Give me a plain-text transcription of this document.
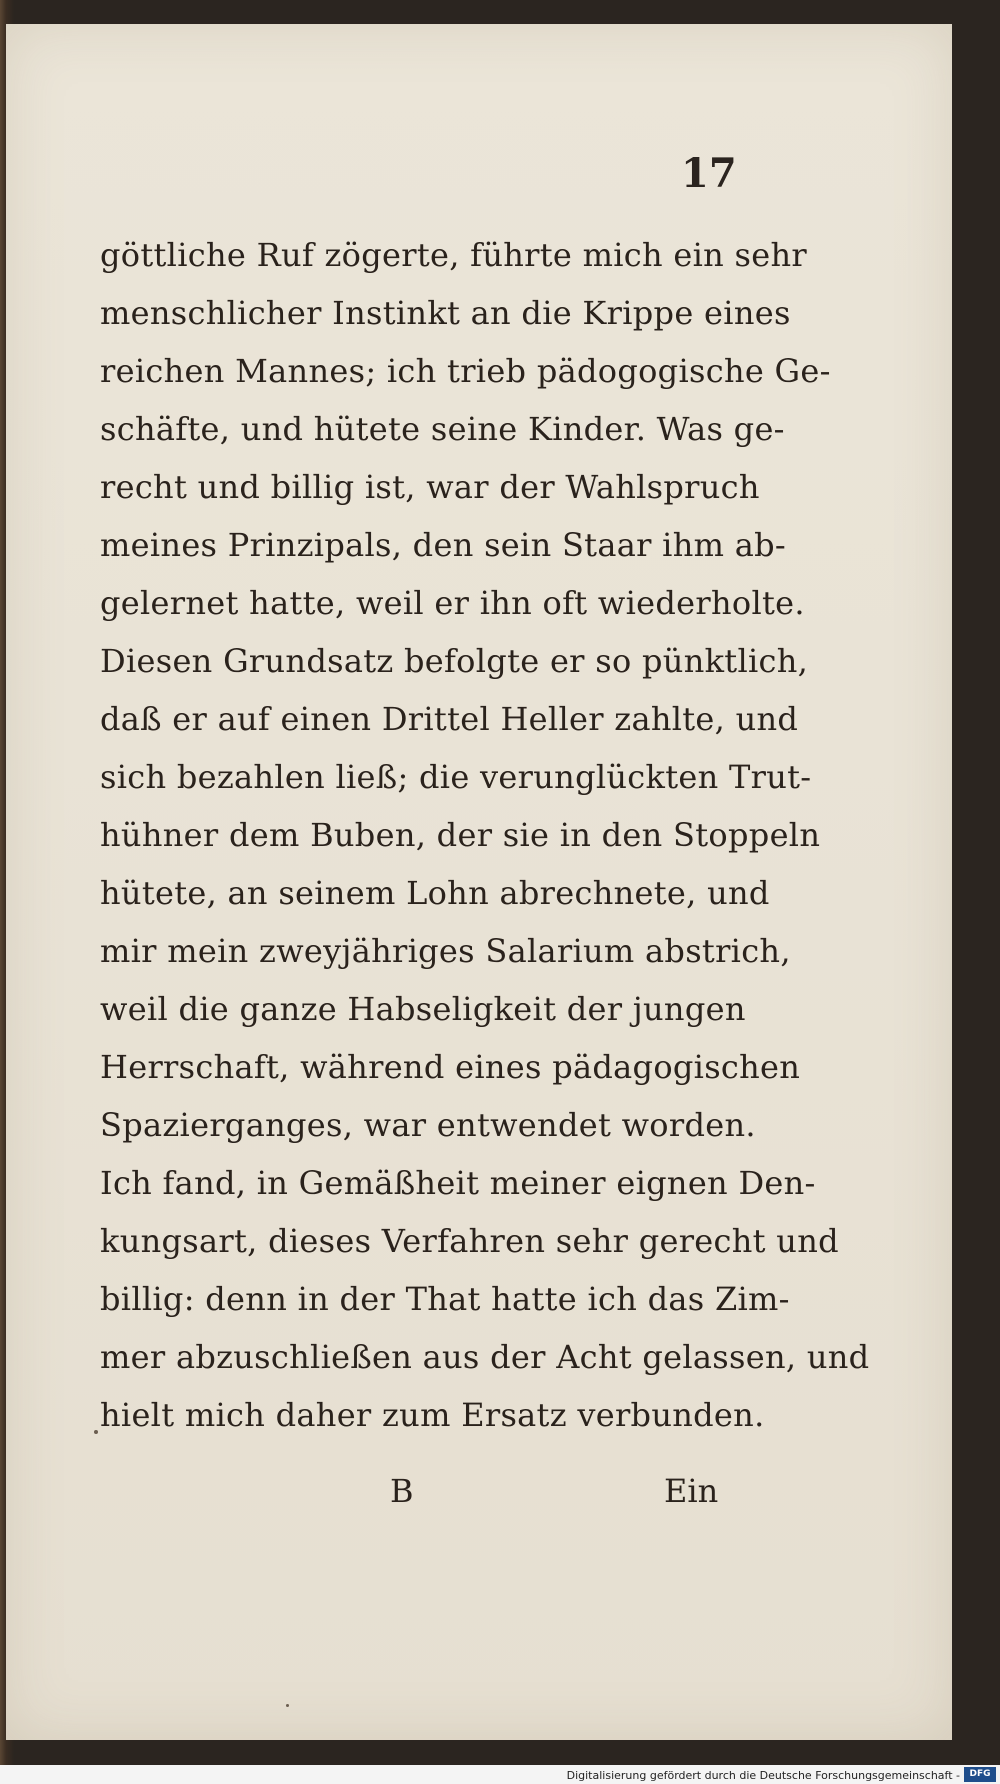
17
göttliche Ruf zögerte, führte mich ein sehr
menschlicher Instinkt an die Krippe eines
reichen Mannes; ich trieb pädogogische Ge-
schäfte, und hütete seine Kinder. Was ge-
recht und billig ist, war der Wahlspruch
meines Prinzipals, den sein Staar ihm ab-
gelernet hatte, weil er ihn oft wiederholte.
Diesen Grundsatz befolgte er so pünktlich,
daß er auf einen Drittel Heller zahlte, und
sich bezahlen ließ; die verunglückten Trut-
hühner dem Buben, der sie in den Stoppeln
hütete, an seinem Lohn abrechnete, und
mir mein zweyjähriges Salarium abstrich,
weil die ganze Habseligkeit der jungen
Herrschaft, während eines pädagogischen
Spazierganges, war entwendet worden.
Ich fand, in Gemäßheit meiner eignen Den-
kungsart, dieses Verfahren sehr gerecht und
billig: denn in der That hatte ich das Zim-
mer abzuschließen aus der Acht gelassen, und
hielt mich daher zum Ersatz verbunden.
B	Ein
Digitalisierung gefördert durch die Deutsche Forschungsgemeinschaft -	DFG
